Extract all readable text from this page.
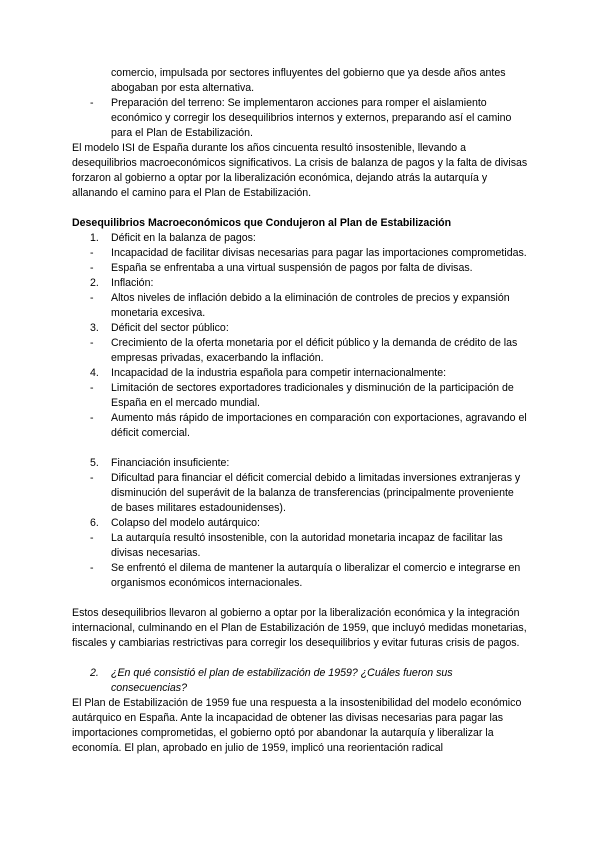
comercio, impulsada por sectores influyentes del gobierno que ya desde años antes abogaban por esta alternativa.

- Preparación del terreno: Se implementaron acciones para romper el aislamiento económico y corregir los desequilibrios internos y externos, preparando así el camino para el Plan de Estabilización.

El modelo ISI de España durante los años cincuenta resultó insostenible, llevando a desequilibrios macroeconómicos significativos. La crisis de balanza de pagos y la falta de divisas forzaron al gobierno a optar por la liberalización económica, dejando atrás la autarquía y allanando el camino para el Plan de Estabilización.

Desequilibrios Macroeconómicos que Condujeron al Plan de Estabilización

1. Déficit en la balanza de pagos:
- Incapacidad de facilitar divisas necesarias para pagar las importaciones comprometidas.
- España se enfrentaba a una virtual suspensión de pagos por falta de divisas.
2. Inflación:
- Altos niveles de inflación debido a la eliminación de controles de precios y expansión monetaria excesiva.
3. Déficit del sector público:
- Crecimiento de la oferta monetaria por el déficit público y la demanda de crédito de las empresas privadas, exacerbando la inflación.
4. Incapacidad de la industria española para competir internacionalmente:
- Limitación de sectores exportadores tradicionales y disminución de la participación de España en el mercado mundial.
- Aumento más rápido de importaciones en comparación con exportaciones, agravando el déficit comercial.
5. Financiación insuficiente:
- Dificultad para financiar el déficit comercial debido a limitadas inversiones extranjeras y disminución del superávit de la balanza de transferencias (principalmente proveniente de bases militares estadounidenses).
6. Colapso del modelo autárquico:
- La autarquía resultó insostenible, con la autoridad monetaria incapaz de facilitar las divisas necesarias.
- Se enfrentó el dilema de mantener la autarquía o liberalizar el comercio e integrarse en organismos económicos internacionales.

Estos desequilibrios llevaron al gobierno a optar por la liberalización económica y la integración internacional, culminando en el Plan de Estabilización de 1959, que incluyó medidas monetarias, fiscales y cambiarias restrictivas para corregir los desequilibrios y evitar futuras crisis de pagos.

2. ¿En qué consistió el plan de estabilización de 1959? ¿Cuáles fueron sus consecuencias?

El Plan de Estabilización de 1959 fue una respuesta a la insostenibilidad del modelo económico autárquico en España. Ante la incapacidad de obtener las divisas necesarias para pagar las importaciones comprometidas, el gobierno optó por abandonar la autarquía y liberalizar la economía. El plan, aprobado en julio de 1959, implicó una reorientación radical
